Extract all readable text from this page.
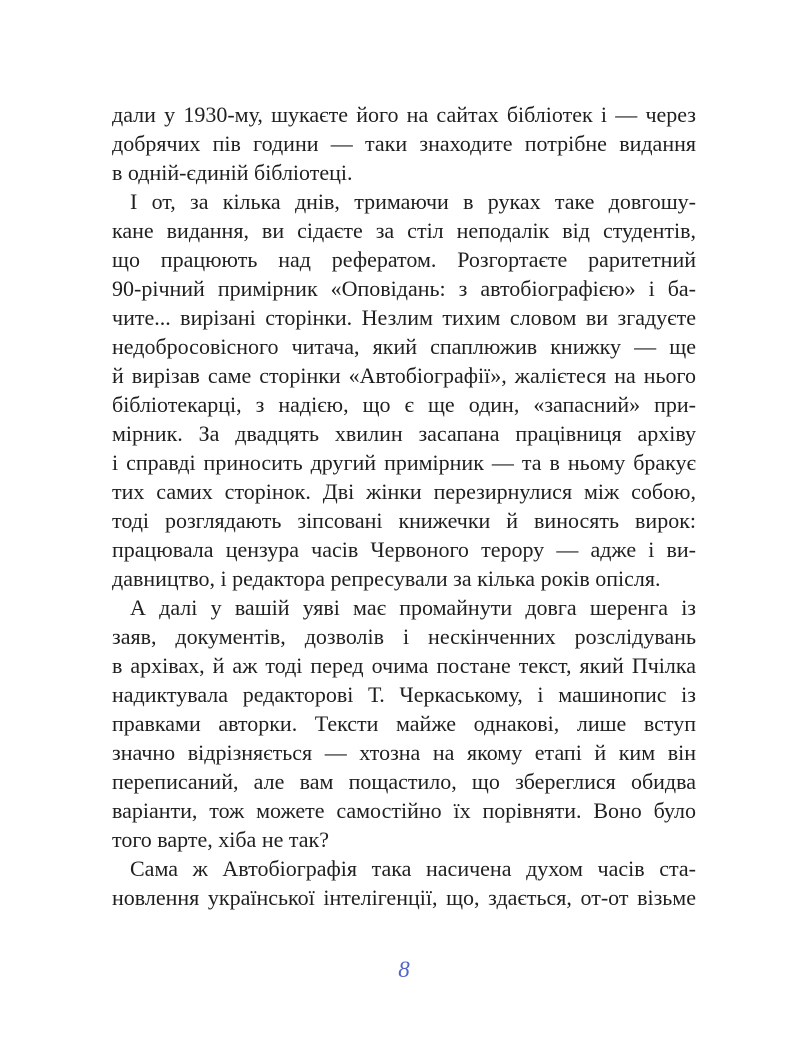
дали у 1930-му, шукаєте його на сайтах бібліотек і — через
добрячих пів години — таки знаходите потрібне видання
в одній-єдиній бібліотеці.
І от, за кілька днів, тримаючи в руках таке довгошу-
кане видання, ви сідаєте за стіл неподалік від студентів,
що працюють над рефератом. Розгортаєте раритетний
90-річний примірник «Оповідань: з автобіографією» і ба-
чите... вирізані сторінки. Незлим тихим словом ви згадуєте
недобросовісного читача, який спаплюжив книжку — ще
й вирізав саме сторінки «Автобіографії», жалієтеся на нього
бібліотекарці, з надією, що є ще один, «запасний» при-
мірник. За двадцять хвилин засапана працівниця архіву
і справді приносить другий примірник — та в ньому бракує
тих самих сторінок. Дві жінки перезирнулися між собою,
тоді розглядають зіпсовані книжечки й виносять вирок:
працювала цензура часів Червоного терору — адже і ви-
давництво, і редактора репресували за кілька років опісля.
А далі у вашій уяві має промайнути довга шеренга із
заяв, документів, дозволів і нескінченних розслідувань
в архівах, й аж тоді перед очима постане текст, який Пчілка
надиктувала редакторові Т. Черкаському, і машинопис із
правками авторки. Тексти майже однакові, лише вступ
значно відрізняється — хтозна на якому етапі й ким він
переписаний, але вам пощастило, що збереглися обидва
варіанти, тож можете самостійно їх порівняти. Воно було
того варте, хіба не так?
Сама ж Автобіографія така насичена духом часів ста-
новлення української інтелігенції, що, здається, от-от візьме
8
